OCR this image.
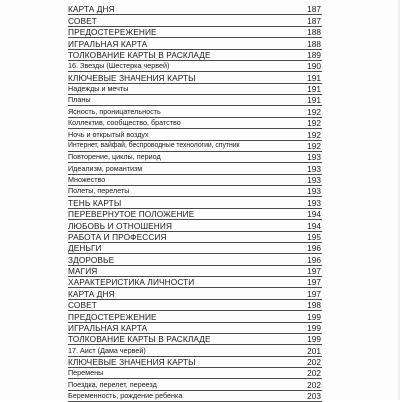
КАРТА ДНЯ	187
СОВЕТ	187
ПРЕДОСТЕРЕЖЕНИЕ	188
ИГРАЛЬНАЯ КАРТА	188
ТОЛКОВАНИЕ КАРТЫ В РАСКЛАДЕ	189
16. Звезды (Шестерка червей)	190
КЛЮЧЕВЫЕ ЗНАЧЕНИЯ КАРТЫ	191
Надежды и мечты	191
Планы	191
Ясность, проницательность	192
Коллектив, сообщество, братство	192
Ночь и открытый воздух	192
Интернет, вайфай, беспроводные технологии, спутник	192
Повторение, циклы, период	193
Идеализм, романтизм	193
Множество	193
Полеты, перелеты	193
ТЕНЬ КАРТЫ	193
ПЕРЕВЕРНУТОЕ ПОЛОЖЕНИЕ	194
ЛЮБОВЬ И ОТНОШЕНИЯ	194
РАБОТА И ПРОФЕССИЯ	195
ДЕНЬГИ	196
ЗДОРОВЬЕ	196
МАГИЯ	197
ХАРАКТЕРИСТИКА ЛИЧНОСТИ	197
КАРТА ДНЯ	197
СОВЕТ	198
ПРЕДОСТЕРЕЖЕНИЕ	199
ИГРАЛЬНАЯ КАРТА	199
ТОЛКОВАНИЕ КАРТЫ В РАСКЛАДЕ	199
17. Аист (Дама червей)	201
КЛЮЧЕВЫЕ ЗНАЧЕНИЯ КАРТЫ	202
Перемены	202
Поездка, перелет, переезд	202
Беременность, рождение ребенка	203
